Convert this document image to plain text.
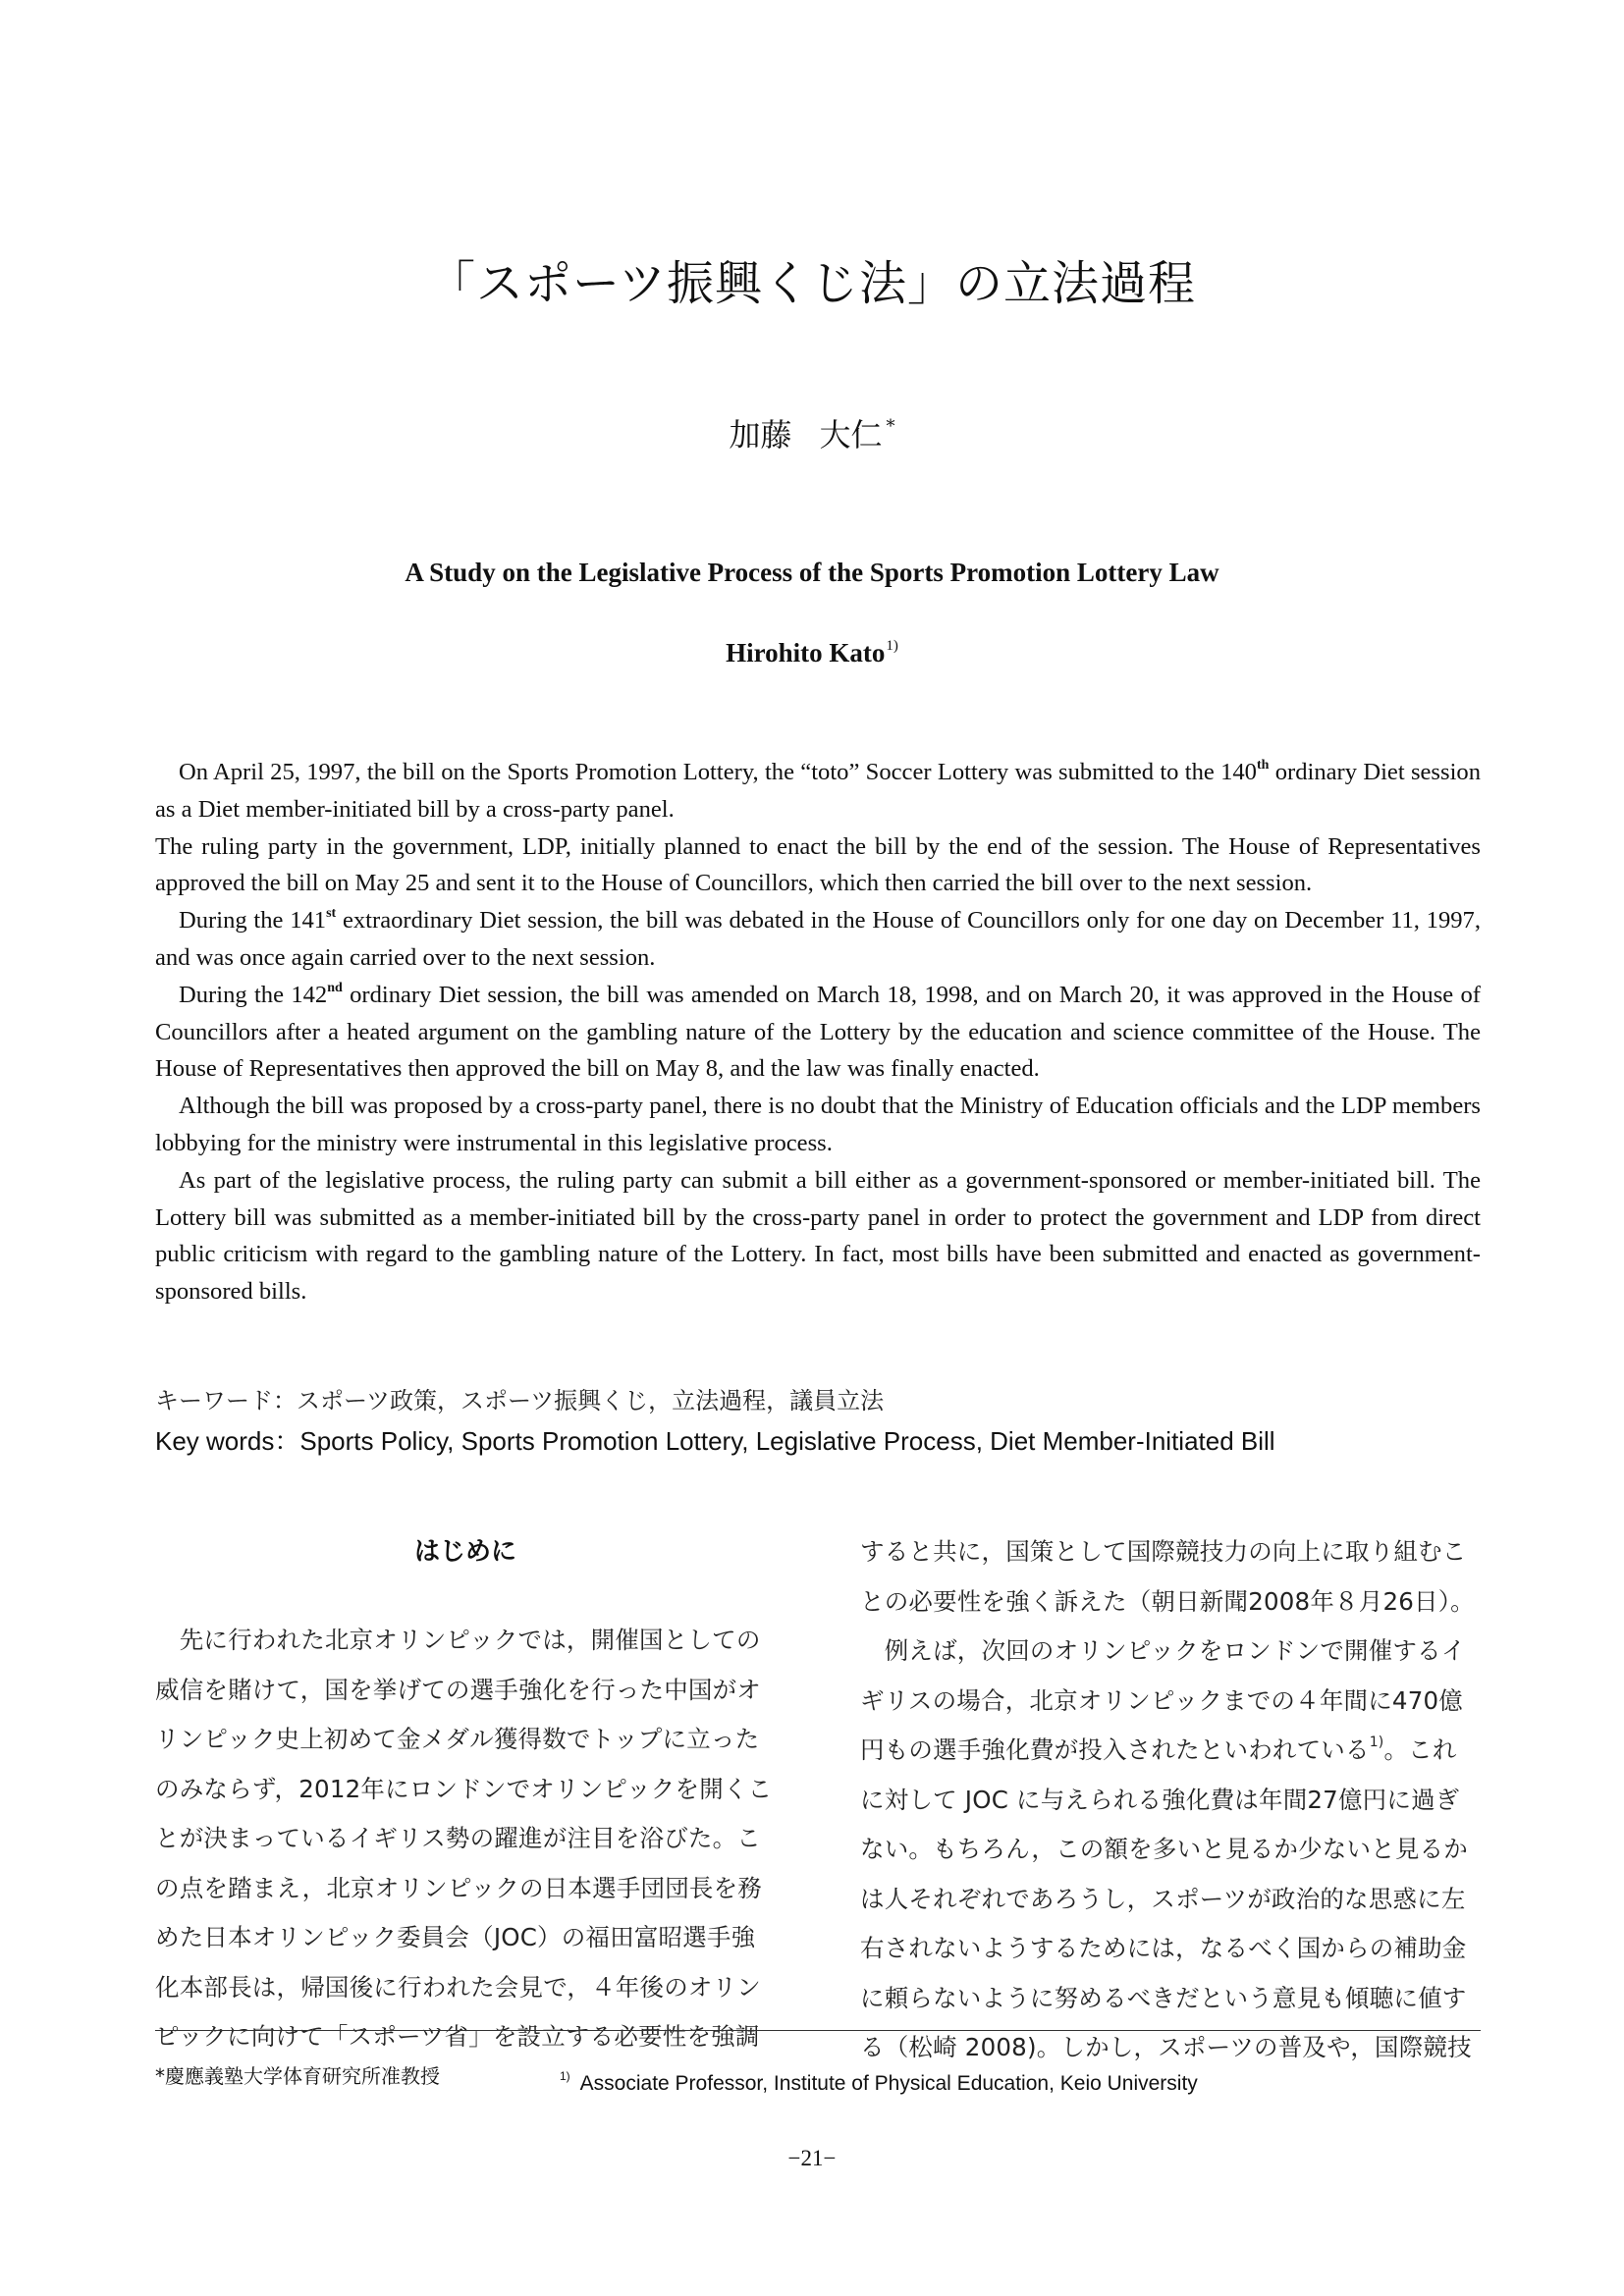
「スポーツ振興くじ法」の立法過程
加藤 大仁 *
A Study on the Legislative Process of the Sports Promotion Lottery Law
Hirohito Kato$^{1)}$

On April 25, 1997, the bill on the Sports Promotion Lottery, the “toto” Soccer Lottery was submitted to the 140th ordinary Diet session as a Diet member-initiated bill by a cross-party panel.

The ruling party in the government, LDP, initially planned to enact the bill by the end of the session. The House of Representatives approved the bill on May 25 and sent it to the House of Councillors, which then carried the bill over to the next session.

During the 141st extraordinary Diet session, the bill was debated in the House of Councillors only for one day on December 11, 1997, and was once again carried over to the next session.

During the 142nd ordinary Diet session, the bill was amended on March 18, 1998, and on March 20, it was approved in the House of Councillors after a heated argument on the gambling nature of the Lottery by the education and science committee of the House. The House of Representatives then approved the bill on May 8, and the law was finally enacted.

Although the bill was proposed by a cross-party panel, there is no doubt that the Ministry of Education officials and the LDP members lobbying for the ministry were instrumental in this legislative process.

As part of the legislative process, the ruling party can submit a bill either as a government-sponsored or member-initiated bill. The Lottery bill was submitted as a member-initiated bill by the cross-party panel in order to protect the government and LDP from direct public criticism with regard to the gambling nature of the Lottery. In fact, most bills have been submitted and enacted as government-sponsored bills.

キーワード：スポーツ政策，スポーツ振興くじ，立法過程，議員立法
Key words：Sports Policy, Sports Promotion Lottery, Legislative Process, Diet Member-Initiated Bill
はじめに
　先に行われた北京オリンピックでは，開催国としての
威信を賭けて，国を挙げての選手強化を行った中国がオ
リンピック史上初めて金メダル獲得数でトップに立った
のみならず，2012年にロンドンでオリンピックを開くこ
とが決まっているイギリス勢の躍進が注目を浴びた。こ
の点を踏まえ，北京オリンピックの日本選手団団長を務
めた日本オリンピック委員会（JOC）の福田富昭選手強
化本部長は，帰国後に行われた会見で，４年後のオリン
ピックに向けて「スポーツ省」を設立する必要性を強調
すると共に，国策として国際競技力の向上に取り組むこ
との必要性を強く訴えた（朝日新聞2008年８月26日）。
　例えば，次回のオリンピックをロンドンで開催するイ
ギリスの場合，北京オリンピックまでの４年間に470億
円もの選手強化費が投入されたといわれている$^{1)}$。これ
に対して JOC に与えられる強化費は年間27億円に過ぎ
ない。もちろん，この額を多いと見るか少ないと見るか
は人それぞれであろうし，スポーツが政治的な思惑に左
右されないようするためには，なるべく国からの補助金
に頼らないように努めるべきだという意見も傾聴に値す
る（松崎 2008)。しかし，スポーツの普及や，国際競技
*慶應義塾大学体育研究所准教授	$^{1)}$ Associate Professor, Institute of Physical Education, Keio University
−21−
